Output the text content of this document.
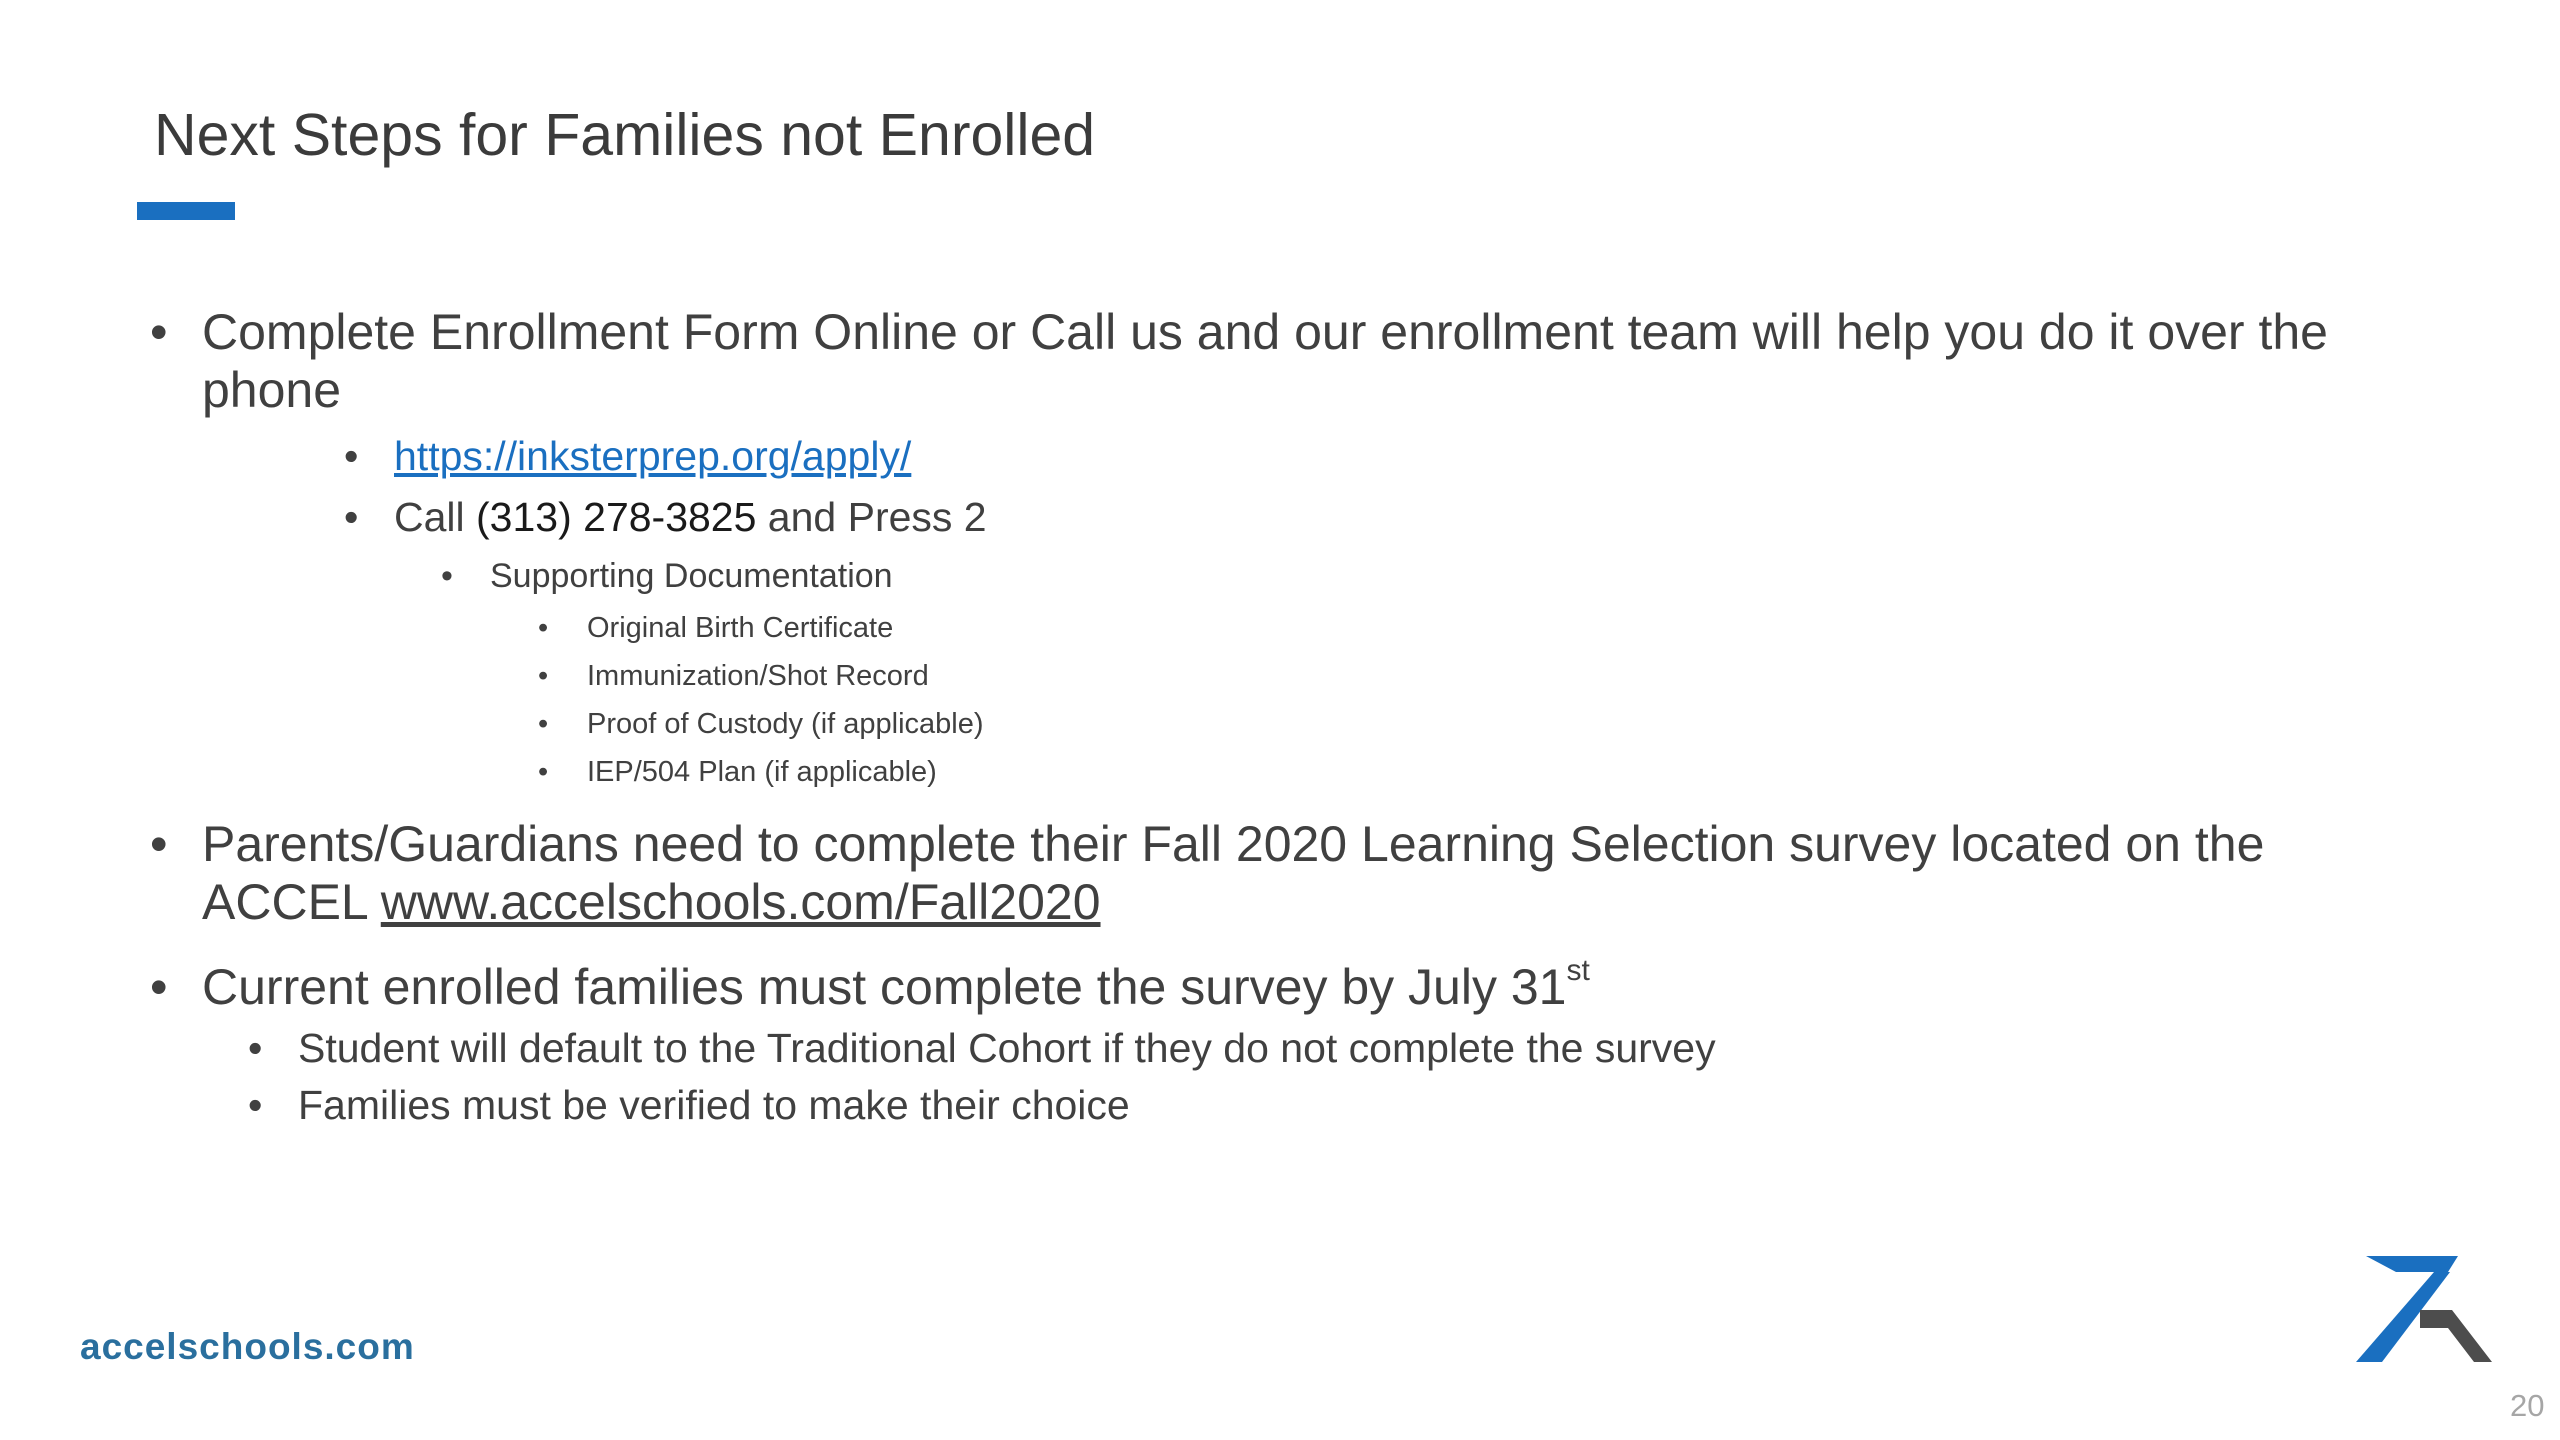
Next Steps for Families not Enrolled
• Complete Enrollment Form Online or Call us and our enrollment team will help you do it over the
phone
• https://inksterprep.org/apply/
• Call (313) 278-3825 and Press 2
• Supporting Documentation
• Original Birth Certificate
• Immunization/Shot Record
• Proof of Custody (if applicable)
• IEP/504 Plan (if applicable)
• Parents/Guardians need to complete their Fall 2020 Learning Selection survey located on the
ACCEL www.accelschools.com/Fall2020
• Current enrolled families must complete the survey by July 31st
• Student will default to the Traditional Cohort if they do not complete the survey
• Families must be verified to make their choice
accelschools.com
20
